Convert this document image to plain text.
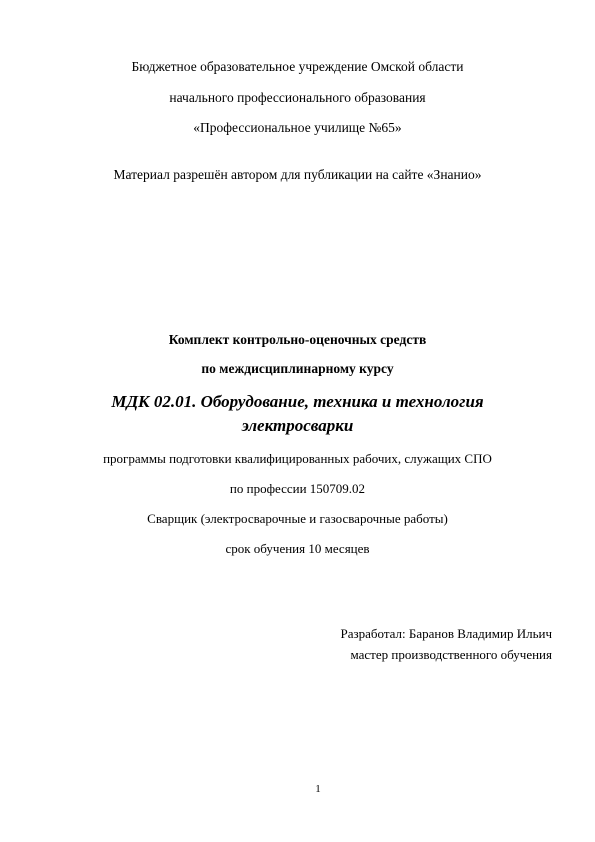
Бюджетное образовательное учреждение Омской области
начального профессионального образования
«Профессиональное училище №65»
Материал разрешён автором для публикации на сайте «Знанио»
Комплект контрольно-оценочных средств
по междисциплинарному курсу
МДК 02.01. Оборудование, техника и технология
электросварки
программы подготовки квалифицированных рабочих, служащих СПО
по профессии 150709.02
Сварщик (электросварочные и газосварочные работы)
срок обучения 10 месяцев
Разработал: Баранов Владимир Ильич
мастер производственного обучения
1
